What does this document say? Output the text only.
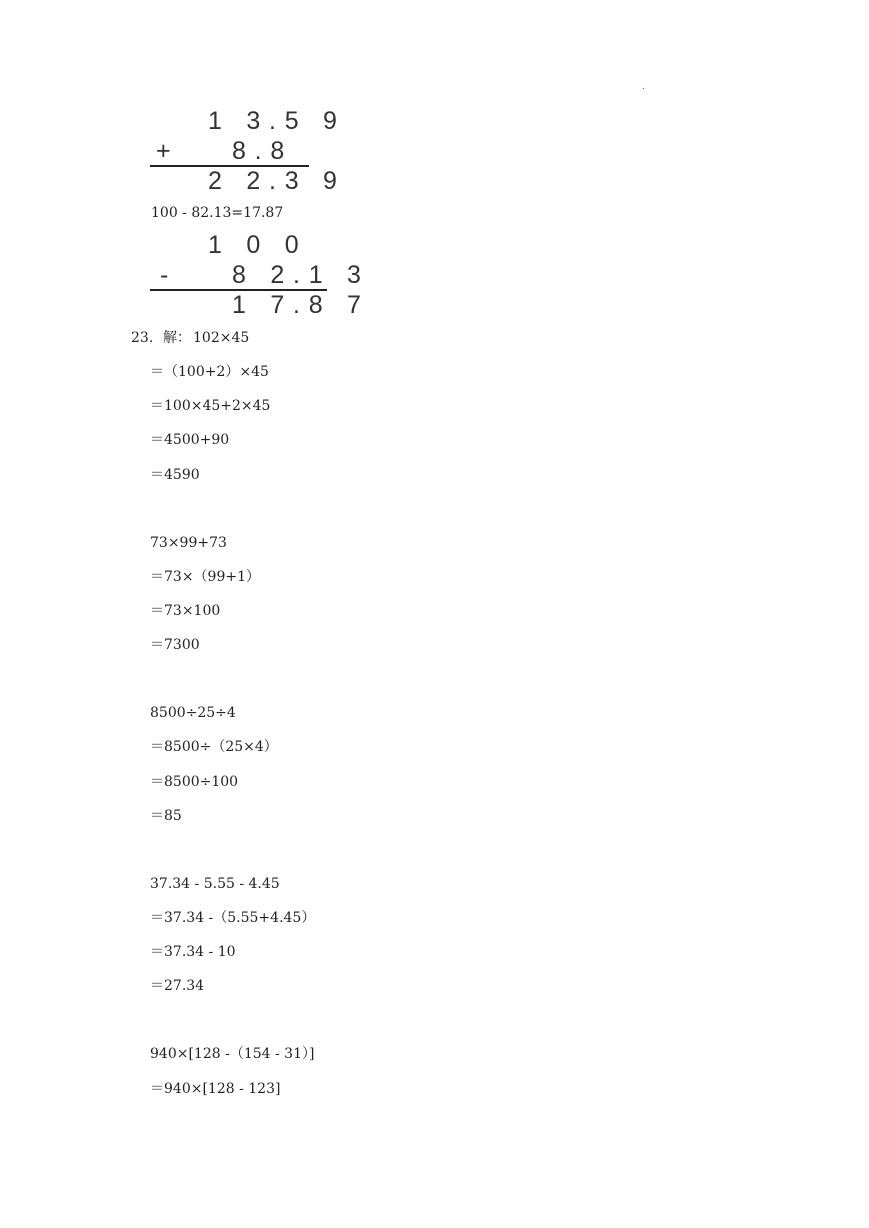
.
1 3.5 9
+ 8.8
2 2.3 9
100 - 82.13=17.87
1 0 0
- 8 2.1 3
1 7.8 7
23. 解： 102×45
＝（100+2）×45
＝100×45+2×45
＝4500+90
＝4590
73×99+73
＝73×（99+1）
＝73×100
＝7300
8500÷25÷4
＝8500÷（25×4）
＝8500÷100
＝85
37.34 - 5.55 - 4.45
＝37.34 -（5.55+4.45）
＝37.34 - 10
＝27.34
940×[128 -（154 - 31）]
＝940×[128 - 123]
